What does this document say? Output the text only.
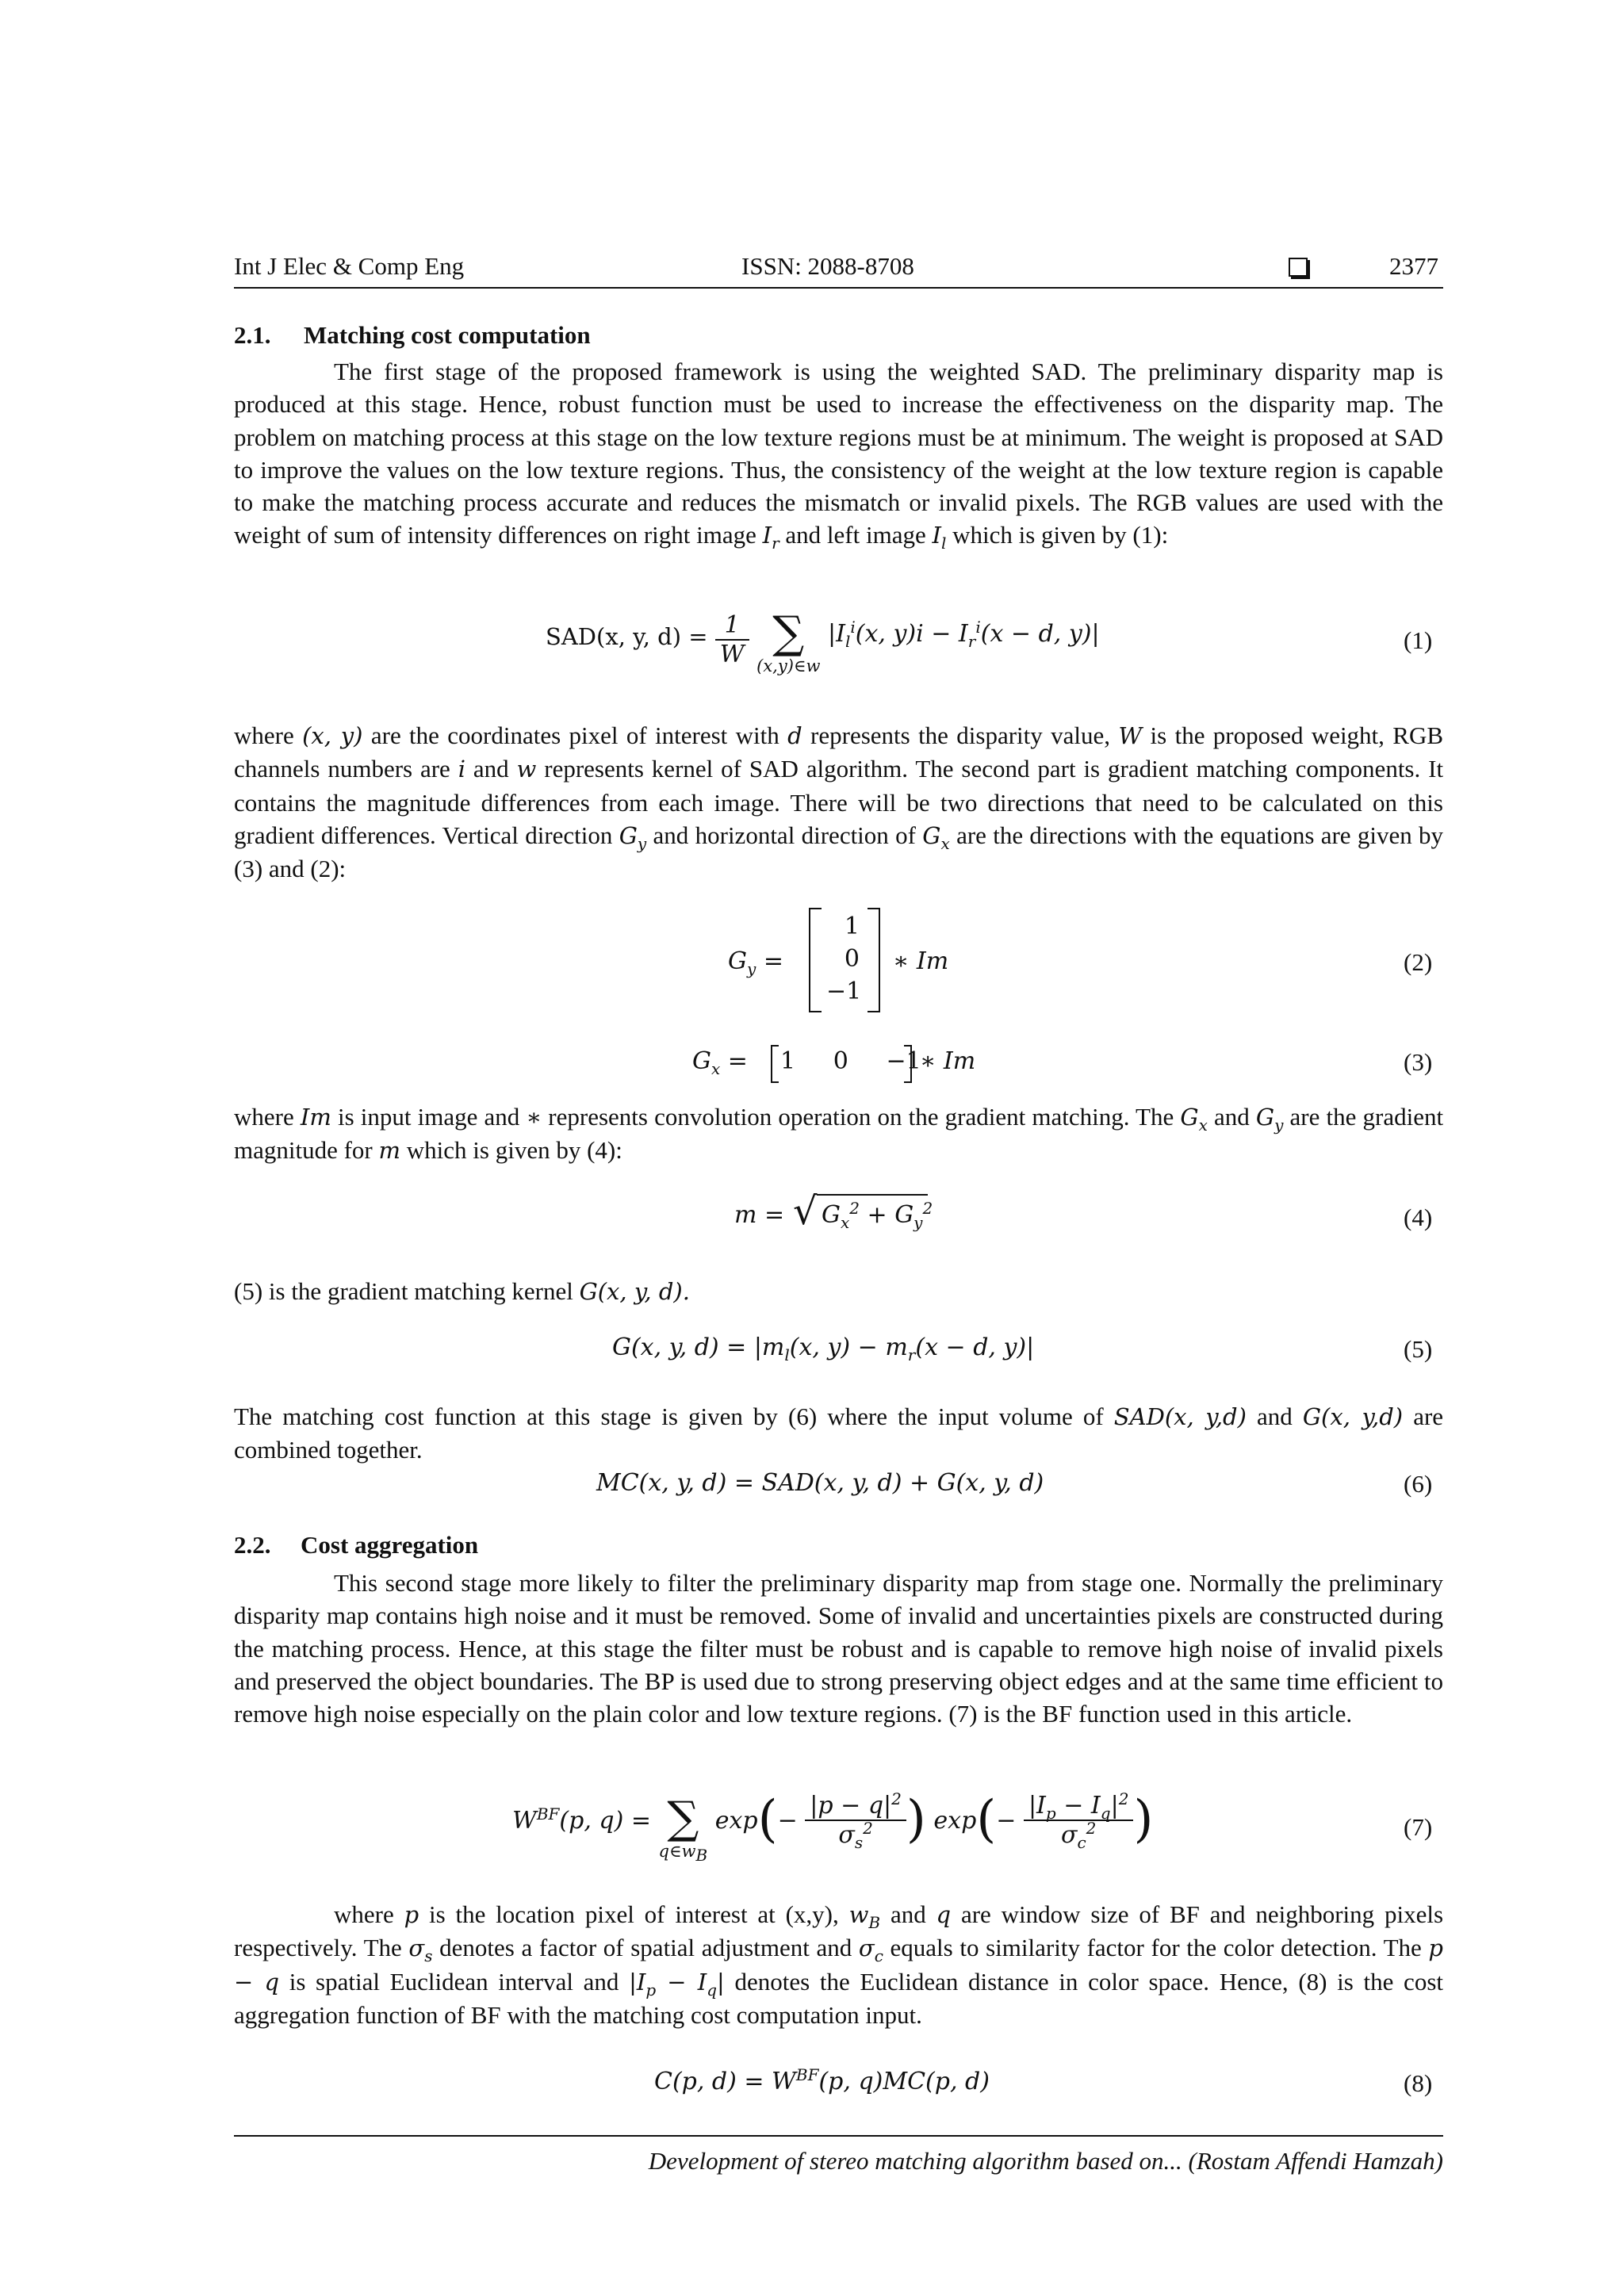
Int J Elec & Comp Eng	ISSN: 2088-8708	2377
2.1. Matching cost computation
The first stage of the proposed framework is using the weighted SAD. The preliminary disparity map is produced at this stage. Hence, robust function must be used to increase the effectiveness on the disparity map. The problem on matching process at this stage on the low texture regions must be at minimum. The weight is proposed at SAD to improve the values on the low texture regions. Thus, the consistency of the weight at the low texture region is capable to make the matching process accurate and reduces the mismatch or invalid pixels. The RGB values are used with the weight of sum of intensity differences on right image $I_r$ and left image $I_l$ which is given by (1):
SAD(x, y, $d) = \frac{1}{W}$
∑
(x,y)∈w
$|I_l^i(x$, $y)i - I_r^i(x - d$, y)|	(1)
where (x, y) are the coordinates pixel of interest with d represents the disparity value, W is the proposed weight, RGB channels numbers are i and w represents kernel of SAD algorithm. The second part is gradient matching components. It contains the magnitude differences from each image. There will be two directions that need to be calculated on this gradient differences. Vertical direction $G_y$ and horizontal direction of $G_x$ are the directions with the equations are given by (3) and (2):
$G_y$ =
1
0
−1
∗ Im	(2)
$G_x = 1$     0     −1
∗ Im	(3)
where Im is input image and ∗ represents convolution operation on the gradient matching. The $G_x$ and $G_y$ are the gradient magnitude for m which is given by (4):
m = √ $G_x^2 + G_y^2$	(4)
(5) is the gradient matching kernel G(x, y, d).
G(x, y, $d) = |m_l(x$, $y) - m_r(x - d$, y)|	(5)
The matching cost function at this stage is given by (6) where the input volume of SAD(x, y,d) and G(x, y,d) are combined together.
MC(x, y, d) = SAD(x, y, d) + G(x, y, d)	(6)
2.2. Cost aggregation
This second stage more likely to filter the preliminary disparity map from stage one. Normally the preliminary disparity map contains high noise and it must be removed. Some of invalid and uncertainties pixels are constructed during the matching process. Hence, at this stage the filter must be robust and is capable to remove high noise of invalid pixels and preserved the object boundaries. The BP is used due to strong preserving object edges and at the same time efficient to remove high noise especially on the plain color and low texture regions. (7) is the BF function used in this article.
$W^{BF}(p$, q) = ∑
$q\in w_B$
$\exp(- \frac{|p - q|^2}{\sigma_s^2}$ ) $\exp(- \frac{|I_p - I_q|^2}{\sigma_c^2}$ )	(7)
where p is the location pixel of interest at (x,y), $w_B$ and q are window size of BF and neighboring pixels respectively. The $\sigma_s$ denotes a factor of spatial adjustment and $\sigma_c$ equals to similarity factor for the color detection. The p − q is spatial Euclidean interval and $|I_p - I_q|$ denotes the Euclidean distance in color space. Hence, (8) is the cost aggregation function of BF with the matching cost computation input.
C(p, $d) = W^{BF}(p$, q)MC(p, d)	(8)
Development of stereo matching algorithm based on... (Rostam Affendi Hamzah)
